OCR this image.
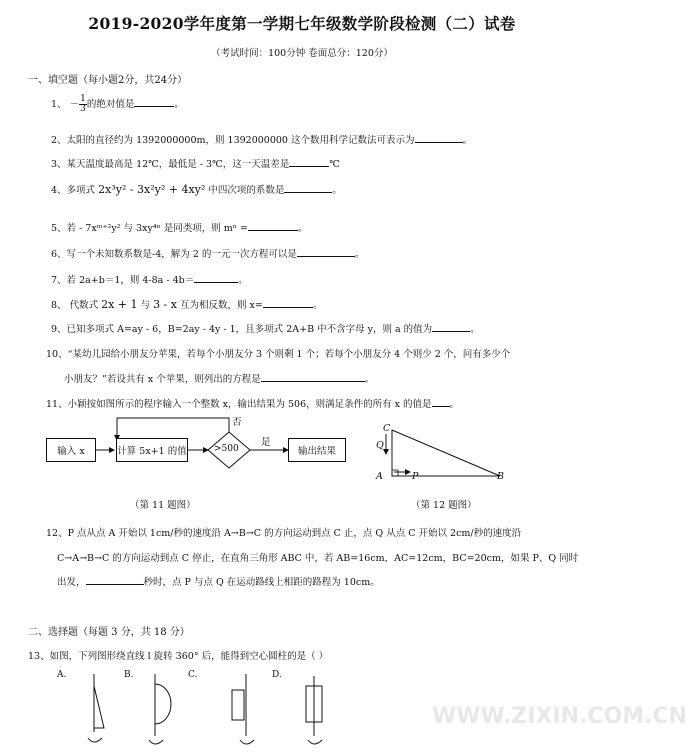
2019-2020学年度第一学期七年级数学阶段检测（二）试卷
（考试时间：100分钟 卷面总分：120分）
一、填空题（每小题2分，共24分）
1、 － $\frac{1}{3}$ 的绝对值是	。
2、太阳的直径约为 1392000000m，则 1392000000 这个数用科学记数法可表示为	。
3、某天温度最高是 12℃，最低是 - 3℃，这一天温差是	℃
4、多项式 2x³y² - 3x²y² + 4xy² 中四次项的系数是	。
5、若 - 7xᵐ⁺²y² 与 3xy⁴ⁿ 是同类项，则 mⁿ =	。
6、写一个未知数系数是-4，解为 2 的一元一次方程可以是	。
7、若 2a+b＝1，则 4-8a - 4b＝	。
8、 代数式 2x + 1 与 3 - x 互为相反数，则 x=	。
9、已知多项式 A=ay - 6，B=2ay - 4y - 1，且多项式 2A+B 中不含字母 y，则 a 的值为	。
10、“某幼儿园给小朋友分苹果，若每个小朋友分 3 个则剩 1 个；若每个小朋友分 4 个则少 2 个，问有多少个
小朋友？”若设共有 x 个苹果，则列出的方程是	。
11、小颖按如图所示的程序输入一个整数 x，输出结果为 506，则满足条件的所有 x 的值是 。
输入 x	计算 5x+1 的值	>500
是
否
输出结果
（第 11 题图）
C
Q
A	P	B
（第 12 题图）
12、P 点从点 A 开始以 1cm/秒的速度沿 A→B→C 的方向运动到点 C 止，点 Q 从点 C 开始以 2cm/秒的速度沿
C→A→B→C 的方向运动到点 C 停止，在直角三角形 ABC 中，若 AB=16cm，AC=12cm，BC=20cm，如果 P、Q 同时
出发，	秒时，点 P 与点 Q 在运动路线上相距的路程为 10cm。
二、选择题（每题 3 分，共 18 分）
13、如图，下列图形绕直线 l 旋转 360° 后，能得到空心圆柱的是（ ）
A.	B.	C.	D.
WWW.ZIXIN.COM.CN
